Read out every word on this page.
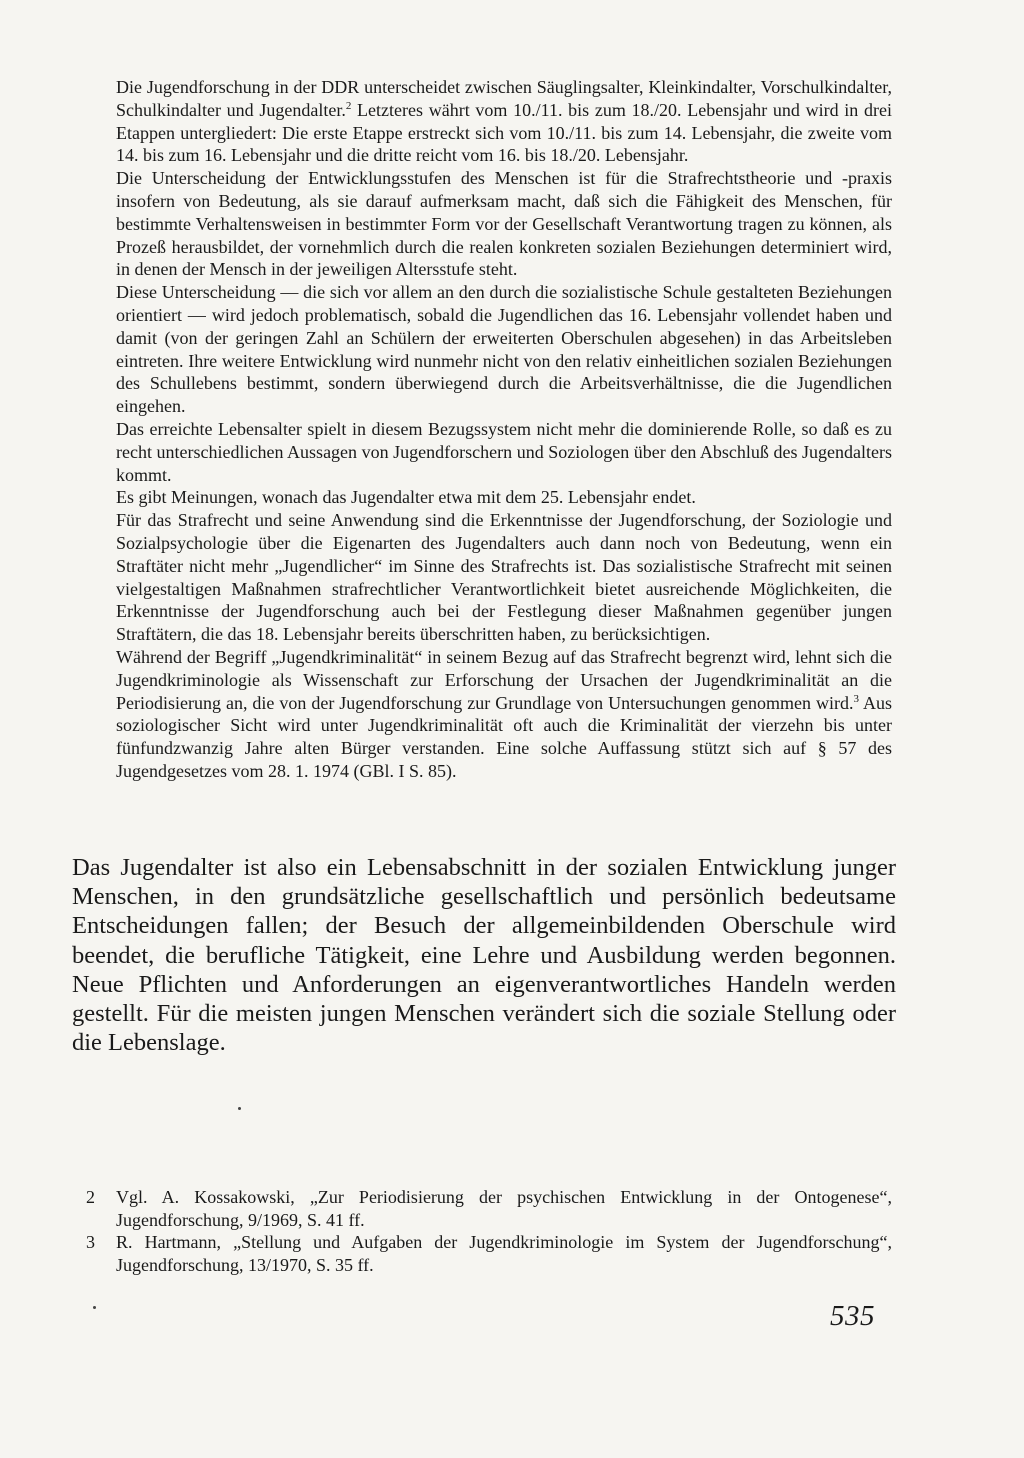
Die Jugendforschung in der DDR unterscheidet zwischen Säuglingsalter, Kleinkindalter, Vorschulkindalter, Schulkindalter und Jugendalter.$^2$ Letzteres währt vom 10./11. bis zum 18./20. Lebensjahr und wird in drei Etappen untergliedert: Die erste Etappe erstreckt sich vom 10./11. bis zum 14. Lebensjahr, die zweite vom 14. bis zum 16. Lebensjahr und die dritte reicht vom 16. bis 18./20. Lebensjahr.

Die Unterscheidung der Entwicklungsstufen des Menschen ist für die Strafrechtstheorie und -praxis insofern von Bedeutung, als sie darauf aufmerksam macht, daß sich die Fähigkeit des Menschen, für bestimmte Verhaltensweisen in bestimmter Form vor der Gesellschaft Verantwortung tragen zu können, als Prozeß herausbildet, der vornehmlich durch die realen konkreten sozialen Beziehungen determiniert wird, in denen der Mensch in der jeweiligen Altersstufe steht.

Diese Unterscheidung — die sich vor allem an den durch die sozialistische Schule gestalteten Beziehungen orientiert — wird jedoch problematisch, sobald die Jugendlichen das 16. Lebensjahr vollendet haben und damit (von der geringen Zahl an Schülern der erweiterten Oberschulen abgesehen) in das Arbeitsleben eintreten. Ihre weitere Entwicklung wird nunmehr nicht von den relativ einheitlichen sozialen Beziehungen des Schullebens bestimmt, sondern überwiegend durch die Arbeitsverhältnisse, die die Jugendlichen eingehen.

Das erreichte Lebensalter spielt in diesem Bezugssystem nicht mehr die dominierende Rolle, so daß es zu recht unterschiedlichen Aussagen von Jugendforschern und Soziologen über den Abschluß des Jugendalters kommt.

Es gibt Meinungen, wonach das Jugendalter etwa mit dem 25. Lebensjahr endet.

Für das Strafrecht und seine Anwendung sind die Erkenntnisse der Jugendforschung, der Soziologie und Sozialpsychologie über die Eigenarten des Jugendalters auch dann noch von Bedeutung, wenn ein Straftäter nicht mehr „Jugendlicher“ im Sinne des Strafrechts ist. Das sozialistische Strafrecht mit seinen vielgestaltigen Maßnahmen strafrechtlicher Verantwortlichkeit bietet ausreichende Möglichkeiten, die Erkenntnisse der Jugendforschung auch bei der Festlegung dieser Maßnahmen gegenüber jungen Straftätern, die das 18. Lebensjahr bereits überschritten haben, zu berücksichtigen.

Während der Begriff „Jugendkriminalität“ in seinem Bezug auf das Strafrecht begrenzt wird, lehnt sich die Jugendkriminologie als Wissenschaft zur Erforschung der Ursachen der Jugendkriminalität an die Periodisierung an, die von der Jugendforschung zur Grundlage von Untersuchungen genommen wird.$^3$ Aus soziologischer Sicht wird unter Jugendkriminalität oft auch die Kriminalität der vierzehn bis unter fünfundzwanzig Jahre alten Bürger verstanden. Eine solche Auffassung stützt sich auf § 57 des Jugendgesetzes vom 28. 1. 1974 (GBl. I S. 85).

Das Jugendalter ist also ein Lebensabschnitt in der sozialen Entwicklung junger Menschen, in den grundsätzliche gesellschaftlich und persönlich bedeutsame Entscheidungen fallen; der Besuch der allgemeinbildenden Oberschule wird beendet, die berufliche Tätigkeit, eine Lehre und Ausbildung werden begonnen. Neue Pflichten und Anforderungen an eigenverantwortliches Handeln werden gestellt. Für die meisten jungen Menschen verändert sich die soziale Stellung oder die Lebenslage.

2	Vgl. A. Kossakowski, „Zur Periodisierung der psychischen Entwicklung in der Ontogenese“, Jugendforschung, 9/1969, S. 41 ff.
3	R. Hartmann, „Stellung und Aufgaben der Jugendkriminologie im System der Jugendforschung“, Jugendforschung, 13/1970, S. 35 ff.
535
